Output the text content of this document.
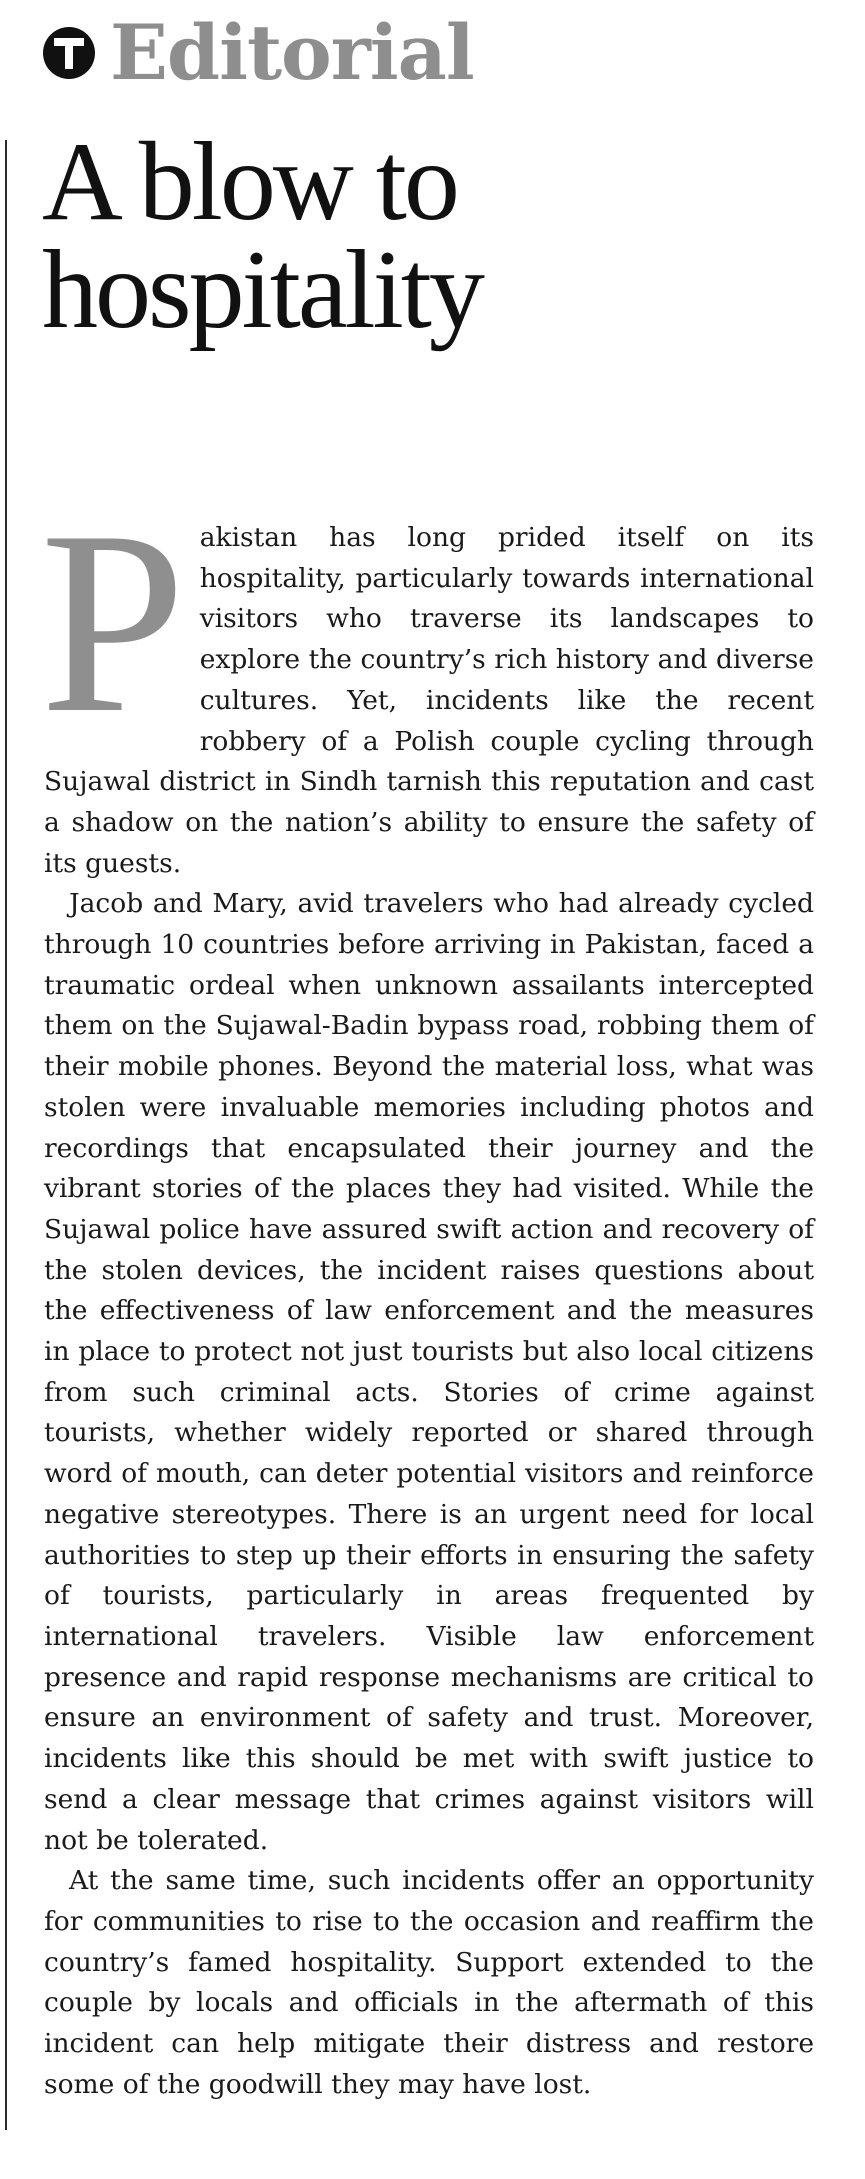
Editorial
A blow to hospitality

Pakistan has long prided itself on its hospitality, particularly towards international visitors who traverse its landscapes to explore the country’s rich history and diverse cultures. Yet, incidents like the recent robbery of a Polish couple cycling through Sujawal district in Sindh tarnish this reputation and cast a shadow on the nation’s ability to ensure the safety of its guests.

Jacob and Mary, avid travelers who had already cycled through 10 countries before arriving in Pakistan, faced a traumatic ordeal when unknown assailants intercepted them on the Sujawal-Badin bypass road, robbing them of their mobile phones. Beyond the material loss, what was stolen were invaluable memories including photos and recordings that encapsulated their journey and the vibrant stories of the places they had visited. While the Sujawal police have assured swift action and recovery of the stolen devices, the incident raises questions about the effectiveness of law enforcement and the measures in place to protect not just tourists but also local citizens from such criminal acts. Stories of crime against tourists, whether widely reported or shared through word of mouth, can deter potential visitors and reinforce negative stereotypes. There is an urgent need for local authorities to step up their efforts in ensuring the safety of tourists, particularly in areas frequented by international travelers. Visible law enforcement presence and rapid response mechanisms are critical to ensure an environment of safety and trust. Moreover, incidents like this should be met with swift justice to send a clear message that crimes against visitors will not be tolerated.

At the same time, such incidents offer an opportunity for communities to rise to the occasion and reaffirm the country’s famed hospitality. Support extended to the couple by locals and officials in the aftermath of this incident can help mitigate their distress and restore some of the goodwill they may have lost.
